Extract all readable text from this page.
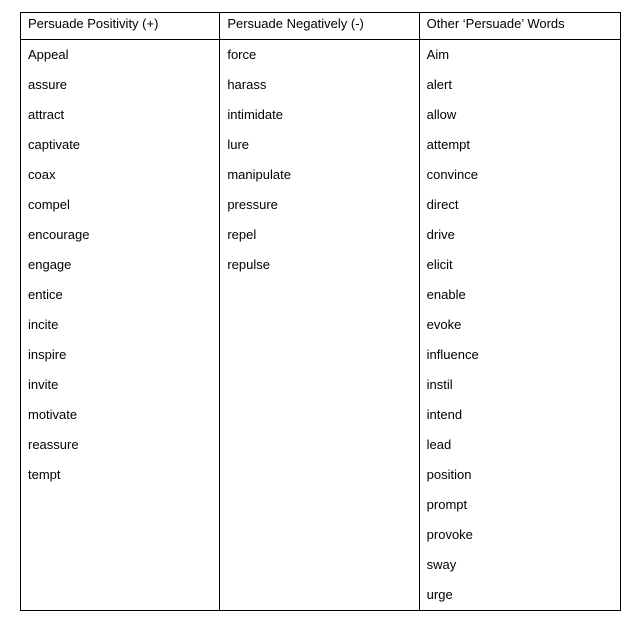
Persuade Positivity (+)
Appeal
assure
attract
captivate
coax
compel
encourage
engage
entice
incite
inspire
invite
motivate
reassure
tempt
Persuade Negatively (-)
force
harass
intimidate
lure
manipulate
pressure
repel
repulse
Other ‘Persuade’ Words
Aim
alert
allow
attempt
convince
direct
drive
elicit
enable
evoke
influence
instil
intend
lead
position
prompt
provoke
sway
urge
